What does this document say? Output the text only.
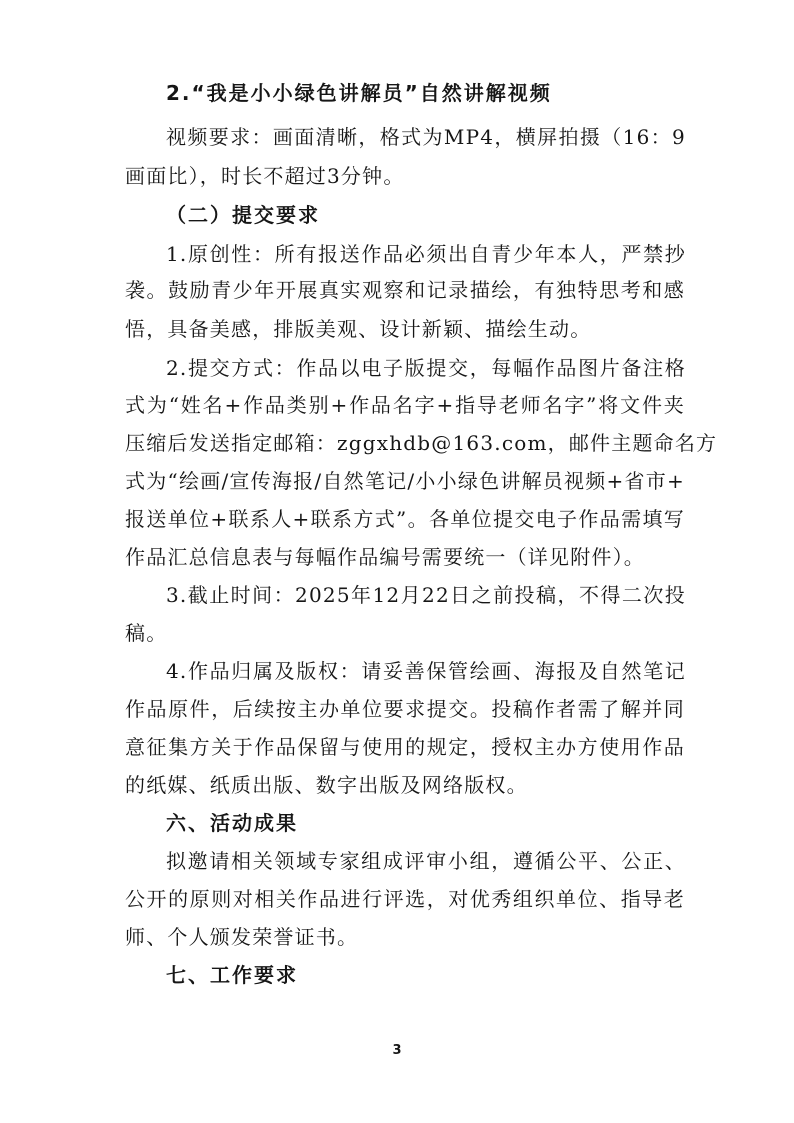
2.“我是小小绿色讲解员”自然讲解视频
视频要求：画面清晰，格式为MP4，横屏拍摄（16：9
画面比），时长不超过3分钟。
（二）提交要求
1.原创性：所有报送作品必须出自青少年本人，严禁抄
袭。鼓励青少年开展真实观察和记录描绘，有独特思考和感
悟，具备美感，排版美观、设计新颖、描绘生动。
2.提交方式：作品以电子版提交，每幅作品图片备注格
式为“姓名+作品类别+作品名字+指导老师名字”将文件夹
压缩后发送指定邮箱：zggxhdb@163.com，邮件主题命名方
式为“绘画/宣传海报/自然笔记/小小绿色讲解员视频+省市+
报送单位+联系人+联系方式”。各单位提交电子作品需填写
作品汇总信息表与每幅作品编号需要统一（详见附件）。
3.截止时间：2025年12月22日之前投稿，不得二次投
稿。
4.作品归属及版权：请妥善保管绘画、海报及自然笔记
作品原件，后续按主办单位要求提交。投稿作者需了解并同
意征集方关于作品保留与使用的规定，授权主办方使用作品
的纸媒、纸质出版、数字出版及网络版权。
六、活动成果
拟邀请相关领域专家组成评审小组，遵循公平、公正、
公开的原则对相关作品进行评选，对优秀组织单位、指导老
师、个人颁发荣誉证书。
七、工作要求
3
